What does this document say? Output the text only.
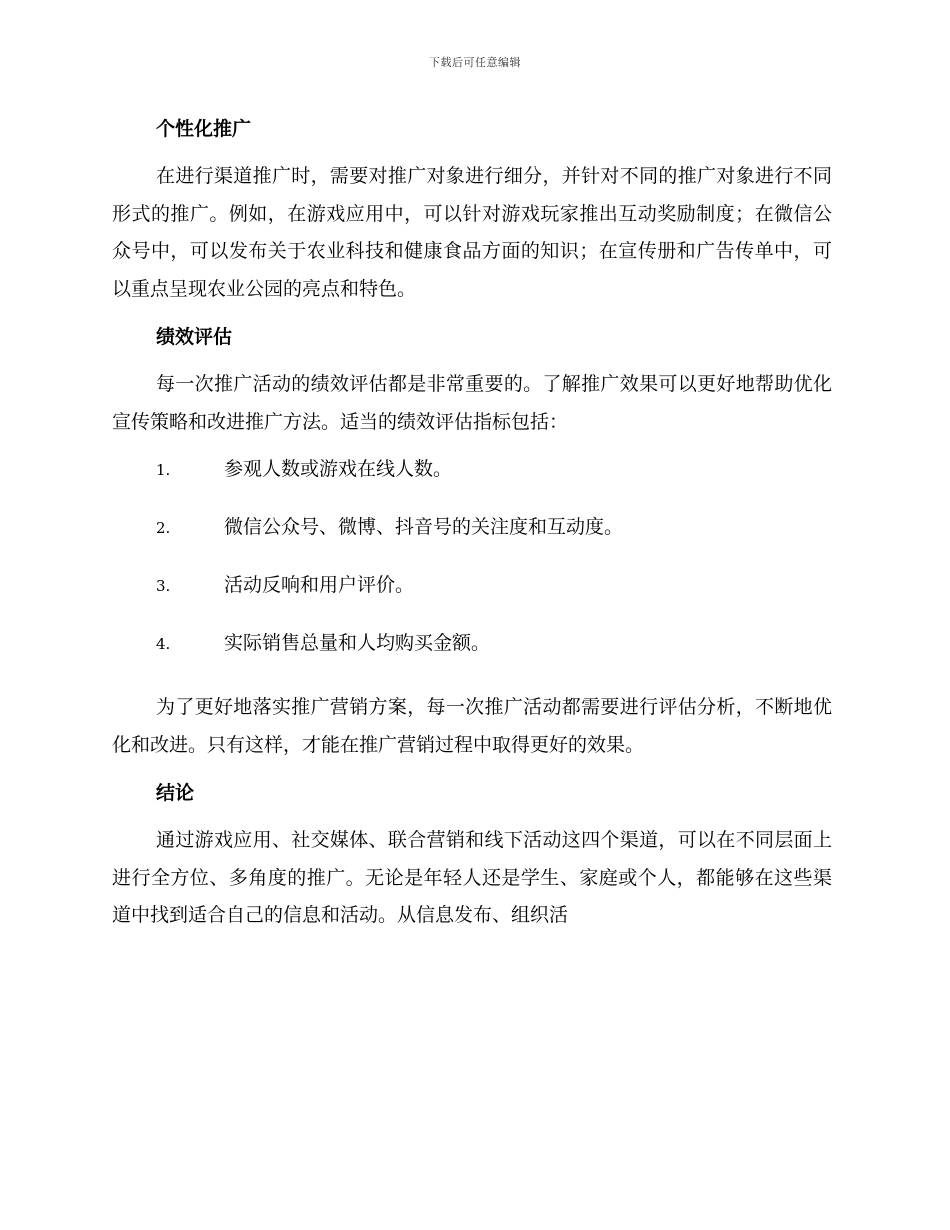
下载后可任意编辑
个性化推广

在进行渠道推广时，需要对推广对象进行细分，并针对不同的推广对象进行不同形式的推广。例如，在游戏应用中，可以针对游戏玩家推出互动奖励制度；在微信公众号中，可以发布关于农业科技和健康食品方面的知识；在宣传册和广告传单中，可以重点呈现农业公园的亮点和特色。

绩效评估

每一次推广活动的绩效评估都是非常重要的。了解推广效果可以更好地帮助优化宣传策略和改进推广方法。适当的绩效评估指标包括：

1.	参观人数或游戏在线人数。
2.	微信公众号、微博、抖音号的关注度和互动度。
3.	活动反响和用户评价。
4.	实际销售总量和人均购买金额。

为了更好地落实推广营销方案，每一次推广活动都需要进行评估分析，不断地优化和改进。只有这样，才能在推广营销过程中取得更好的效果。

结论

通过游戏应用、社交媒体、联合营销和线下活动这四个渠道，可以在不同层面上进行全方位、多角度的推广。无论是年轻人还是学生、家庭或个人，都能够在这些渠道中找到适合自己的信息和活动。从信息发布、组织活
